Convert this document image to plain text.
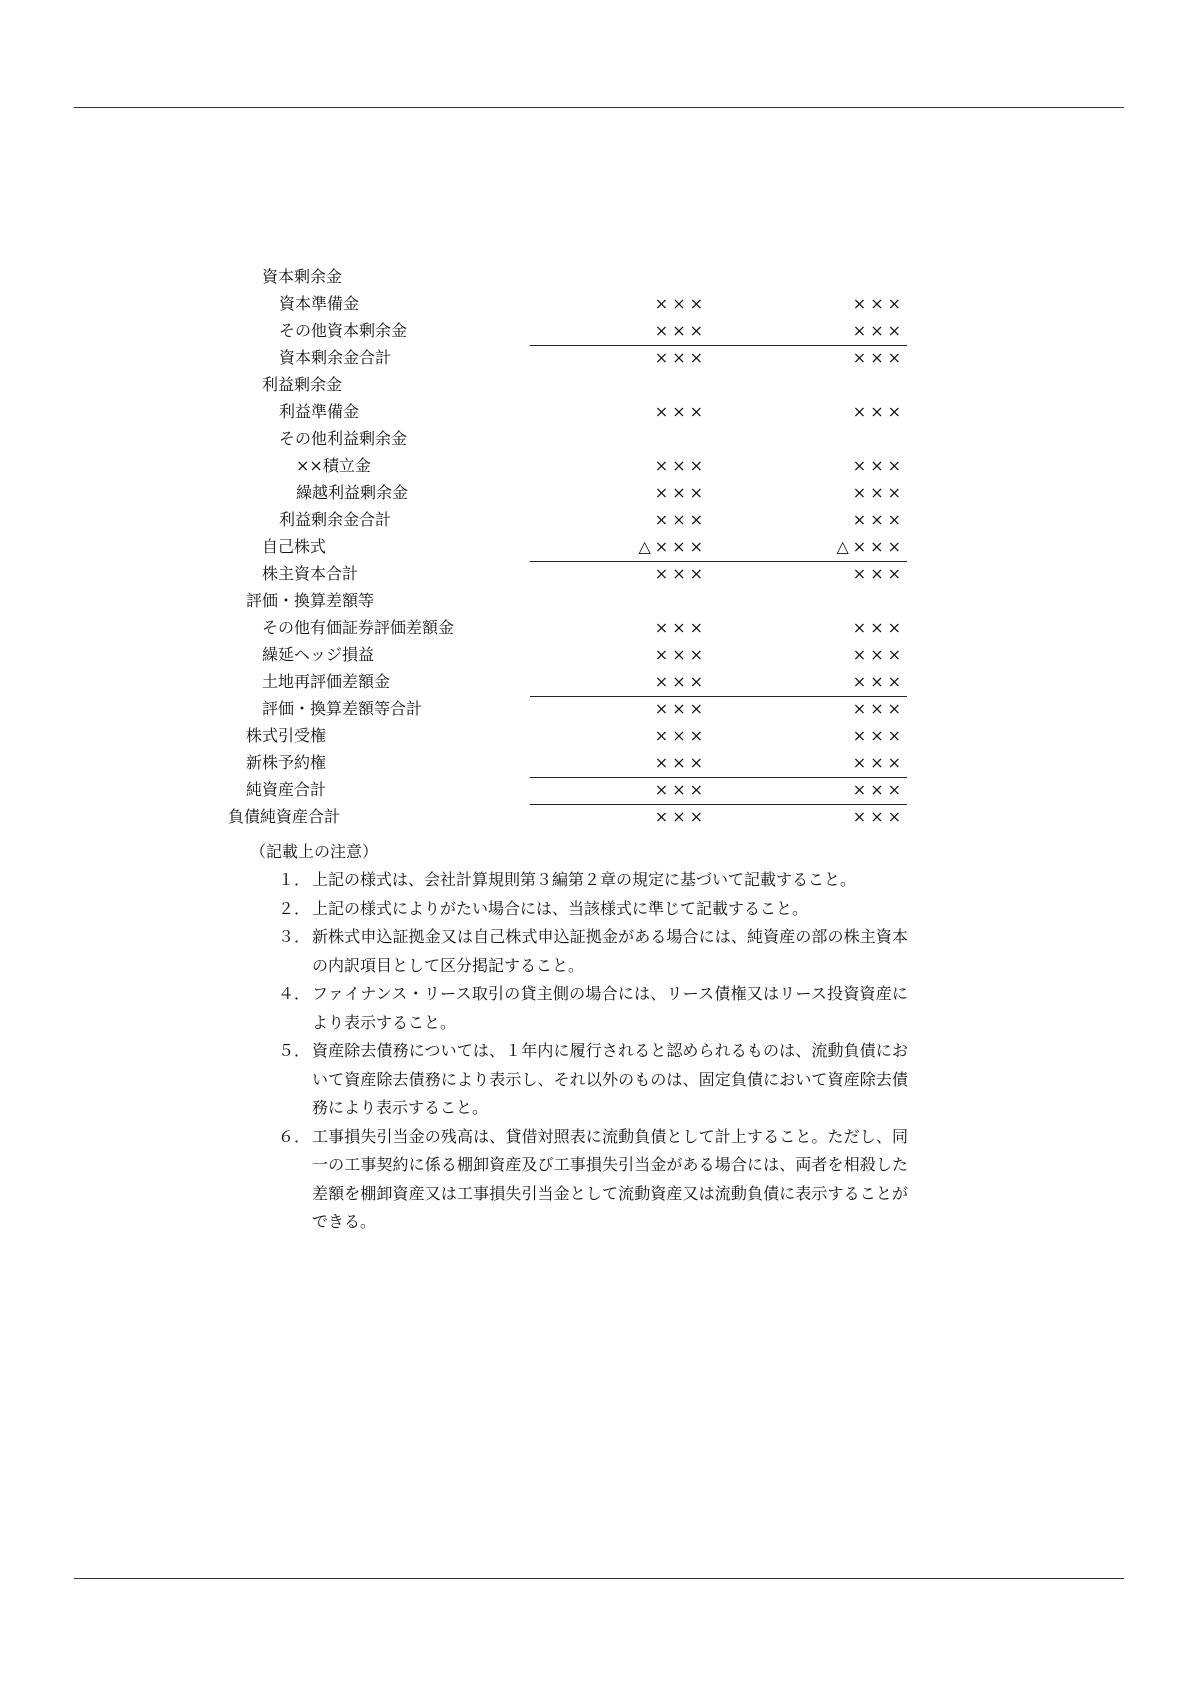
資本剰余金
資本準備金	×××	×××
その他資本剰余金	×××	×××
資本剰余金合計	×××	×××
利益剰余金
利益準備金	×××	×××
その他利益剰余金
××積立金	×××	×××
繰越利益剰余金	×××	×××
利益剰余金合計	×××	×××
自己株式	△×××	△×××
株主資本合計	×××	×××
評価・換算差額等
その他有価証券評価差額金	×××	×××
繰延ヘッジ損益	×××	×××
土地再評価差額金	×××	×××
評価・換算差額等合計	×××	×××
株式引受権	×××	×××
新株予約権	×××	×××
純資産合計	×××	×××
負債純資産合計	×××	×××
（記載上の注意）
１． 上記の様式は、会社計算規則第３編第２章の規定に基づいて記載すること。
２． 上記の様式によりがたい場合には、当該様式に準じて記載すること。
３． 新株式申込証拠金又は自己株式申込証拠金がある場合には、純資産の部の株主資本の内訳項目として区分掲記すること。
４． ファイナンス・リース取引の貸主側の場合には、リース債権又はリース投資資産により表示すること。
５． 資産除去債務については、１年内に履行されると認められるものは、流動負債において資産除去債務により表示し、それ以外のものは、固定負債において資産除去債務により表示すること。
６． 工事損失引当金の残高は、貸借対照表に流動負債として計上すること。ただし、同一の工事契約に係る棚卸資産及び工事損失引当金がある場合には、両者を相殺した差額を棚卸資産又は工事損失引当金として流動資産又は流動負債に表示することができる。
